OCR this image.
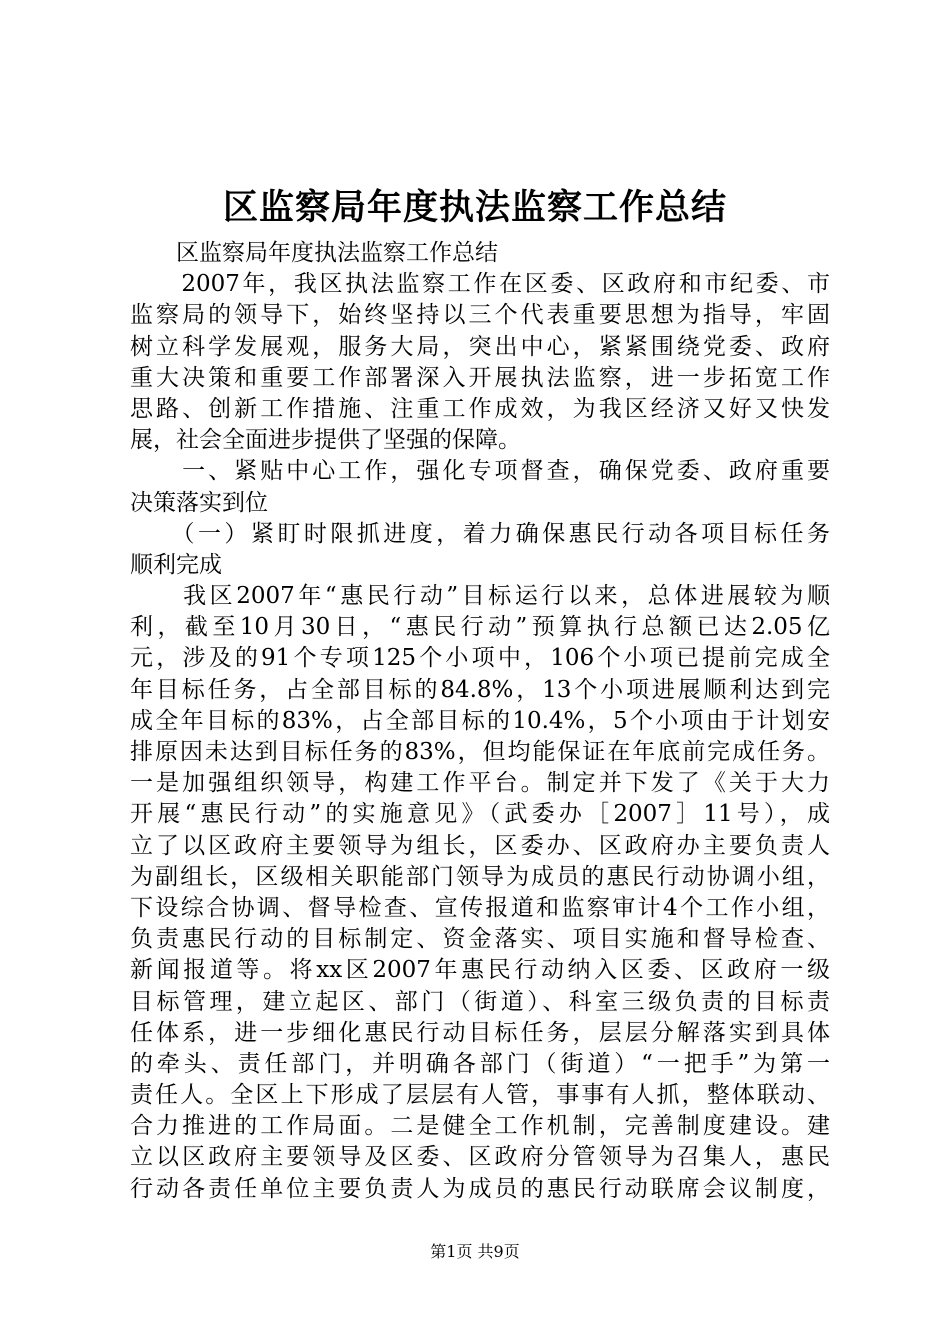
区监察局年度执法监察工作总结
　　区监察局年度执法监察工作总结
　　2007年，我区执法监察工作在区委、区政府和市纪委、市
监察局的领导下，始终坚持以三个代表重要思想为指导，牢固
树立科学发展观，服务大局，突出中心，紧紧围绕党委、政府
重大决策和重要工作部署深入开展执法监察，进一步拓宽工作
思路、创新工作措施、注重工作成效，为我区经济又好又快发
展，社会全面进步提供了坚强的保障。
　　一、紧贴中心工作，强化专项督查，确保党委、政府重要
决策落实到位
　　（一）紧盯时限抓进度，着力确保惠民行动各项目标任务
顺利完成
　　我区2007年“惠民行动”目标运行以来，总体进展较为顺
利，截至10月30日，“惠民行动”预算执行总额已达2.05亿
元，涉及的91个专项125个小项中，106个小项已提前完成全
年目标任务，占全部目标的84.8%，13个小项进展顺利达到完
成全年目标的83%，占全部目标的10.4%，5个小项由于计划安
排原因未达到目标任务的83%，但均能保证在年底前完成任务。
一是加强组织领导，构建工作平台。制定并下发了《关于大力
开展“惠民行动”的实施意见》（武委办［2007］11号），成
立了以区政府主要领导为组长，区委办、区政府办主要负责人
为副组长，区级相关职能部门领导为成员的惠民行动协调小组，
下设综合协调、督导检查、宣传报道和监察审计4个工作小组，
负责惠民行动的目标制定、资金落实、项目实施和督导检查、
新闻报道等。将xx区2007年惠民行动纳入区委、区政府一级
目标管理，建立起区、部门（街道）、科室三级负责的目标责
任体系，进一步细化惠民行动目标任务，层层分解落实到具体
的牵头、责任部门，并明确各部门（街道）“一把手”为第一
责任人。全区上下形成了层层有人管，事事有人抓，整体联动、
合力推进的工作局面。二是健全工作机制，完善制度建设。建
立以区政府主要领导及区委、区政府分管领导为召集人，惠民
行动各责任单位主要负责人为成员的惠民行动联席会议制度，
第1页 共9页
